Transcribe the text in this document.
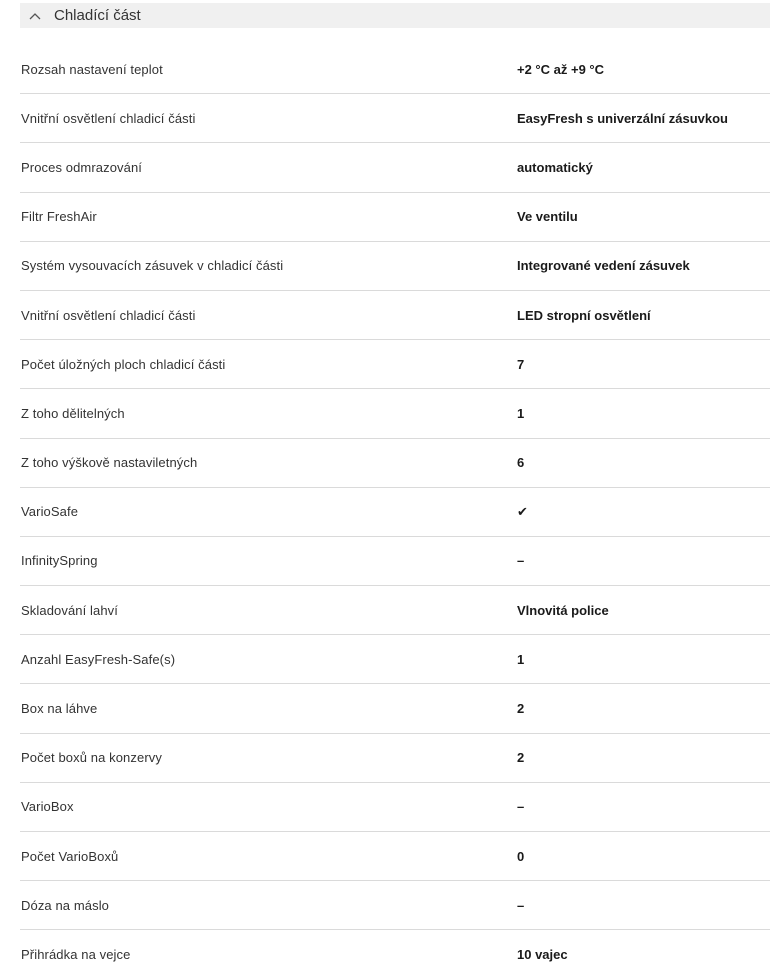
Chladící část
Rozsah nastavení teplot	+2 °C až +9 °C
Vnitřní osvětlení chladicí části	EasyFresh s univerzální zásuvkou
Proces odmrazování	automatický
Filtr FreshAir	Ve ventilu
Systém vysouvacích zásuvek v chladicí části	Integrované vedení zásuvek
Vnitřní osvětlení chladicí části	LED stropní osvětlení
Počet úložných ploch chladicí části	7
Z toho dělitelných	1
Z toho výškově nastaviletných	6
VarioSafe	✔
InfinitySpring	–
Skladování lahví	Vlnovitá police
Anzahl EasyFresh-Safe(s)	1
Box na láhve	2
Počet boxů na konzervy	2
VarioBox	–
Počet VarioBoxů	0
Dóza na máslo	–
Přihrádka na vejce	10 vajec
